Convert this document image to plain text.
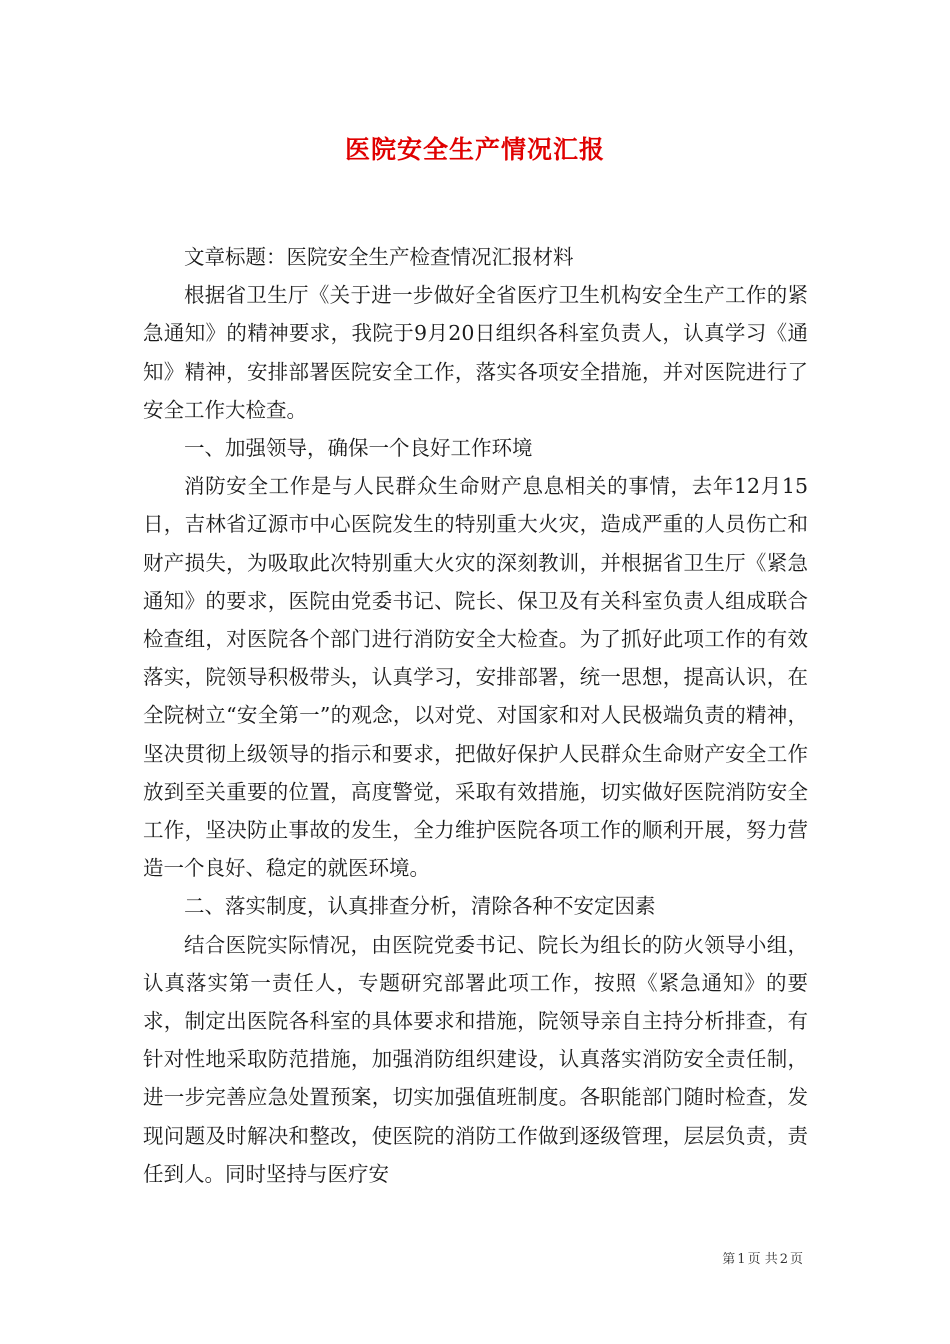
医院安全生产情况汇报

文章标题：医院安全生产检查情况汇报材料

根据省卫生厅《关于进一步做好全省医疗卫生机构安全生产工作的紧急通知》的精神要求，我院于9月20日组织各科室负责人，认真学习《通知》精神，安排部署医院安全工作，落实各项安全措施，并对医院进行了安全工作大检查。

一、加强领导，确保一个良好工作环境

消防安全工作是与人民群众生命财产息息相关的事情，去年12月15日，吉林省辽源市中心医院发生的特别重大火灾，造成严重的人员伤亡和财产损失，为吸取此次特别重大火灾的深刻教训，并根据省卫生厅《紧急通知》的要求，医院由党委书记、院长、保卫及有关科室负责人组成联合检查组，对医院各个部门进行消防安全大检查。为了抓好此项工作的有效落实，院领导积极带头，认真学习，安排部署，统一思想，提高认识，在全院树立“安全第一”的观念，以对党、对国家和对人民极端负责的精神，坚决贯彻上级领导的指示和要求，把做好保护人民群众生命财产安全工作放到至关重要的位置，高度警觉，采取有效措施，切实做好医院消防安全工作，坚决防止事故的发生，全力维护医院各项工作的顺利开展，努力营造一个良好、稳定的就医环境。

二、落实制度，认真排查分析，清除各种不安定因素

结合医院实际情况，由医院党委书记、院长为组长的防火领导小组，认真落实第一责任人，专题研究部署此项工作，按照《紧急通知》的要求，制定出医院各科室的具体要求和措施，院领导亲自主持分析排查，有针对性地采取防范措施，加强消防组织建设，认真落实消防安全责任制，进一步完善应急处置预案，切实加强值班制度。各职能部门随时检查，发现问题及时解决和整改，使医院的消防工作做到逐级管理，层层负责，责任到人。同时坚持与医疗安

第 1 页 共 2 页
